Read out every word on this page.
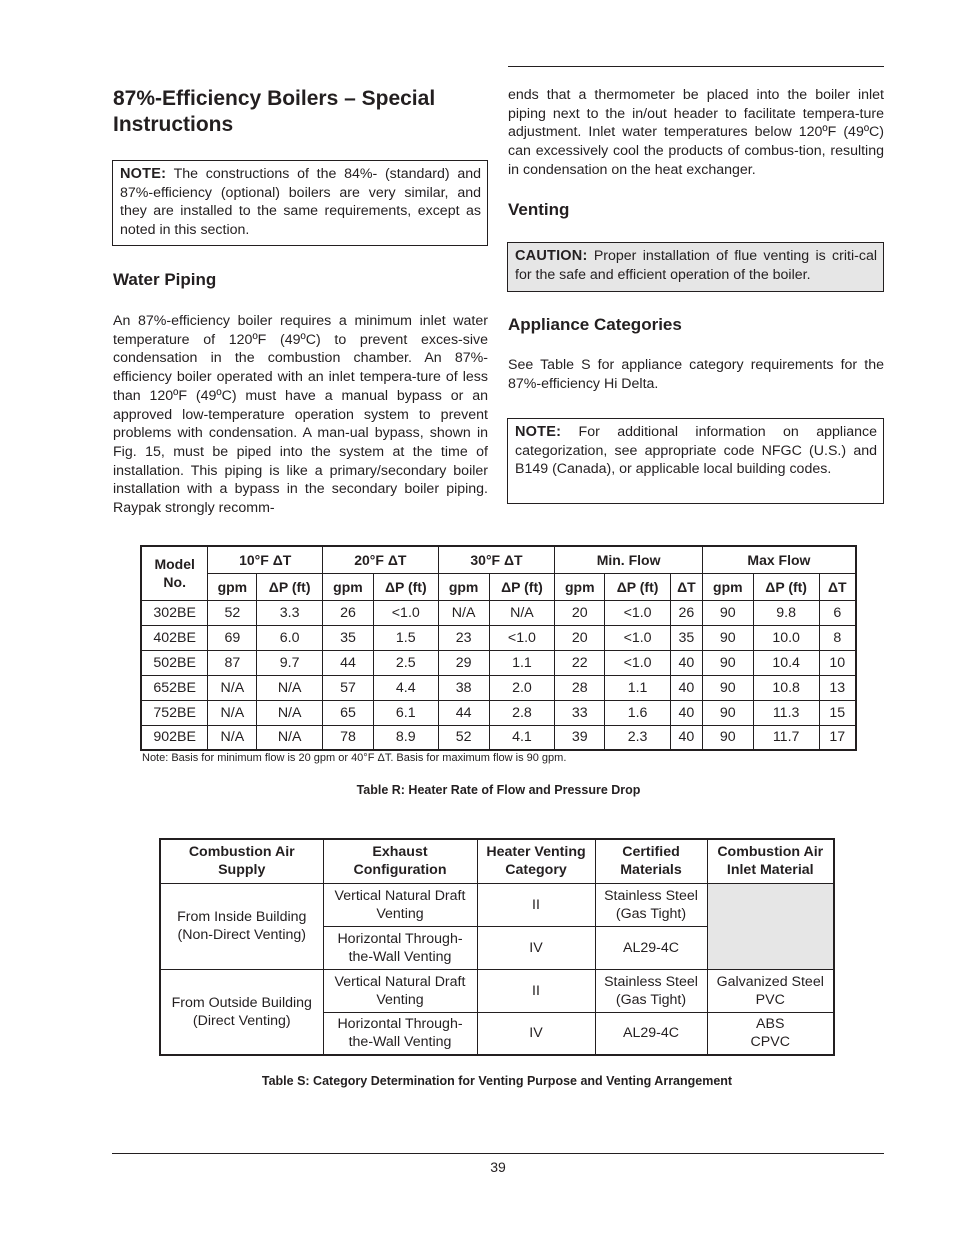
87%-Efficiency Boilers – Special Instructions
NOTE: The constructions of the 84%- (standard) and 87%-efficiency (optional) boilers are very similar, and they are installed to the same requirements, except as noted in this section.
Water Piping

An 87%-efficiency boiler requires a minimum inlet water temperature of 120ºF (49ºC) to prevent exces-sive condensation in the combustion chamber. An 87%-efficiency boiler operated with an inlet tempera-ture of less than 120ºF (49ºC) must have a manual bypass or an approved low-temperature operation system to prevent problems with condensation. A man-ual bypass, shown in Fig. 15, must be piped into the system at the time of installation. This piping is like a primary/secondary boiler installation with a bypass in the secondary boiler piping. Raypak strongly recomm-

ends that a thermometer be placed into the boiler inlet piping next to the in/out header to facilitate tempera-ture adjustment. Inlet water temperatures below 120ºF (49ºC) can excessively cool the products of combus-tion, resulting in condensation on the heat exchanger.

Venting
CAUTION: Proper installation of flue venting is criti-cal for the safe and efficient operation of the boiler.
Appliance Categories

See Table S for appliance category requirements for the 87%-efficiency Hi Delta.

NOTE: For additional information on appliance categorization, see appropriate code NFGC (U.S.) and B149 (Canada), or applicable local building codes.
Model No.	10°F ΔT		20°F ΔT		30°F ΔT		Min. Flow			Max Flow		
	gpm	ΔP (ft)	gpm	ΔP (ft)	gpm	ΔP (ft)	gpm	ΔP (ft)	ΔT	gpm	ΔP (ft)	ΔT
302BE	52	3.3	26	<1.0	N/A	N/A	20	<1.0	26	90	9.8	6
402BE	69	6.0	35	1.5	23	<1.0	20	<1.0	35	90	10.0	8
502BE	87	9.7	44	2.5	29	1.1	22	<1.0	40	90	10.4	10
652BE	N/A	N/A	57	4.4	38	2.0	28	1.1	40	90	10.8	13
752BE	N/A	N/A	65	6.1	44	2.8	33	1.6	40	90	11.3	15
902BE	N/A	N/A	78	8.9	52	4.1	39	2.3	40	90	11.7	17
Note: Basis for minimum flow is 20 gpm or 40°F ΔT. Basis for maximum flow is 90 gpm.
Table R: Heater Rate of Flow and Pressure Drop
Combustion Air Supply	Exhaust Configuration	Heater Venting Category	Certified Materials	Combustion Air Inlet Material
From Inside Building (Non-Direct Venting)	Vertical Natural Draft Venting	II	Stainless Steel (Gas Tight)	
	Horizontal Through-the-Wall Venting	IV	AL29-4C	
From Outside Building (Direct Venting)	Vertical Natural Draft Venting	II	Stainless Steel (Gas Tight)	Galvanized Steel PVC
	Horizontal Through-the-Wall Venting	IV	AL29-4C	ABS CPVC
Table S: Category Determination for Venting Purpose and Venting Arrangement
39
